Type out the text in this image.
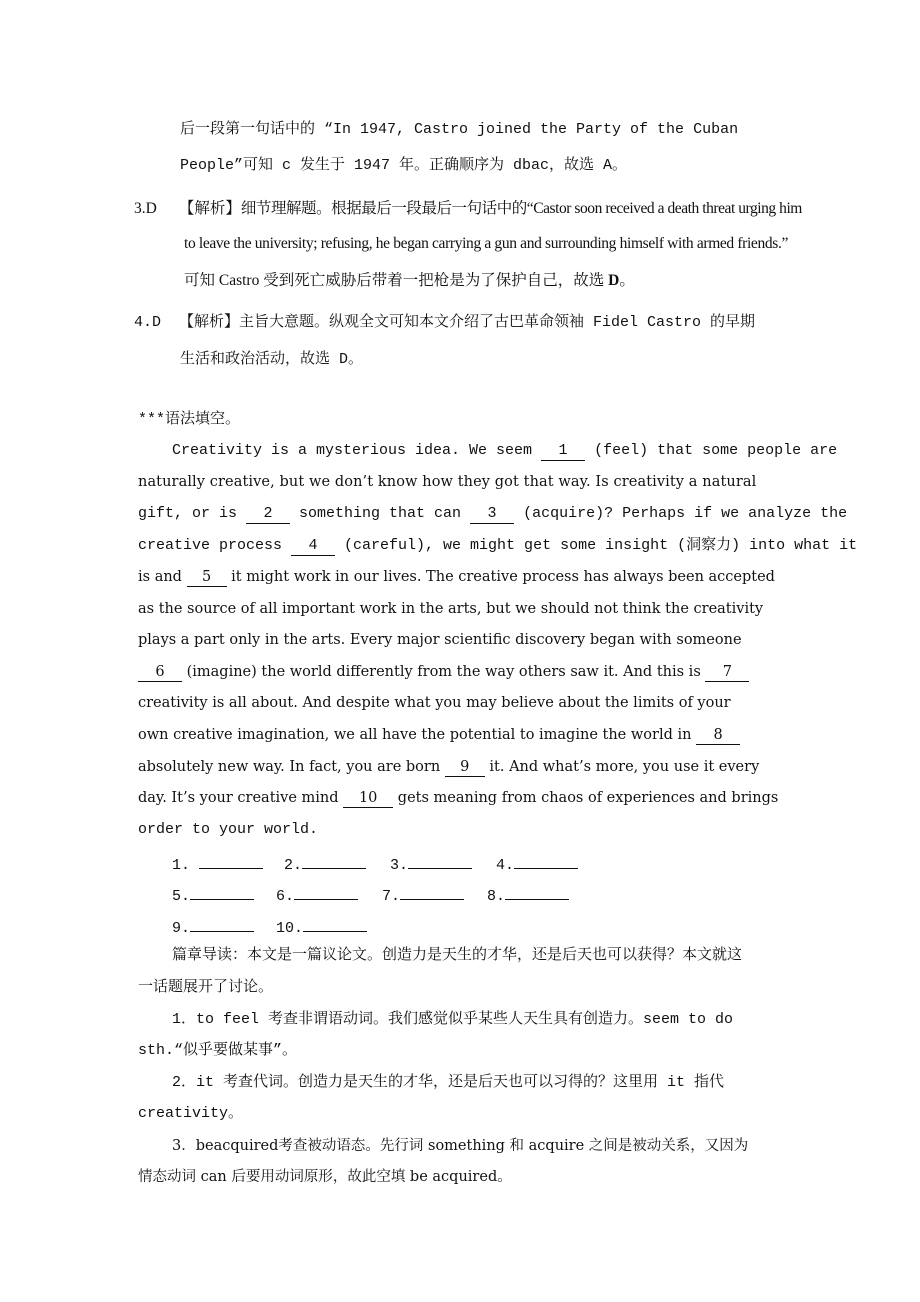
后一段第一句话中的 “In 1947, Castro joined the Party of the Cuban
People”可知 c 发生于 1947 年。正确顺序为 dbac，故选 A。
3.D 【解析】细节理解题。根据最后一段最后一句话中的“Castor soon received a death threat urging him
to leave the university; refusing, he began carrying a gun and surrounding himself with armed friends.”
可知 Castro 受到死亡威胁后带着一把枪是为了保护自己，故选 D。
4.D 【解析】主旨大意题。纵观全文可知本文介绍了古巴革命领袖 Fidel Castro 的早期
生活和政治活动，故选 D。
***语法填空。
Creativity is a mysterious idea. We seem 1 (feel) that some people are
naturally creative, but we don’t know how they got that way. Is creativity a natural
gift, or is 2 something that can 3 (acquire)? Perhaps if we analyze the
creative process 4 (careful), we might get some insight (洞察力) into what it
is and 5 it might work in our lives. The creative process has always been accepted
as the source of all important work in the arts, but we should not think the creativity
plays a part only in the arts. Every major scientific discovery began with someone
6 (imagine) the world differently from the way others saw it. And this is 7
creativity is all about. And despite what you may believe about the limits of your
own creative imagination, we all have the potential to imagine the world in 8
absolutely new way. In fact, you are born 9 it. And what’s more, you use it every
day. It’s your creative mind 10 gets meaning from chaos of experiences and brings
order to your world.
1.	2.	3.	4.
5.	6.	7.	8.
9.	10.
篇章导读：本文是一篇议论文。创造力是天生的才华，还是后天也可以获得？本文就这
一话题展开了讨论。
1．to feel 考查非谓语动词。我们感觉似乎某些人天生具有创造力。seem to do
sth.“似乎要做某事”。
2．it 考查代词。创造力是天生的才华，还是后天也可以习得的？这里用 it 指代
creativity。
3．beacquired考查被动语态。先行词 something 和 acquire 之间是被动关系，又因为
情态动词 can 后要用动词原形，故此空填 be acquired。
